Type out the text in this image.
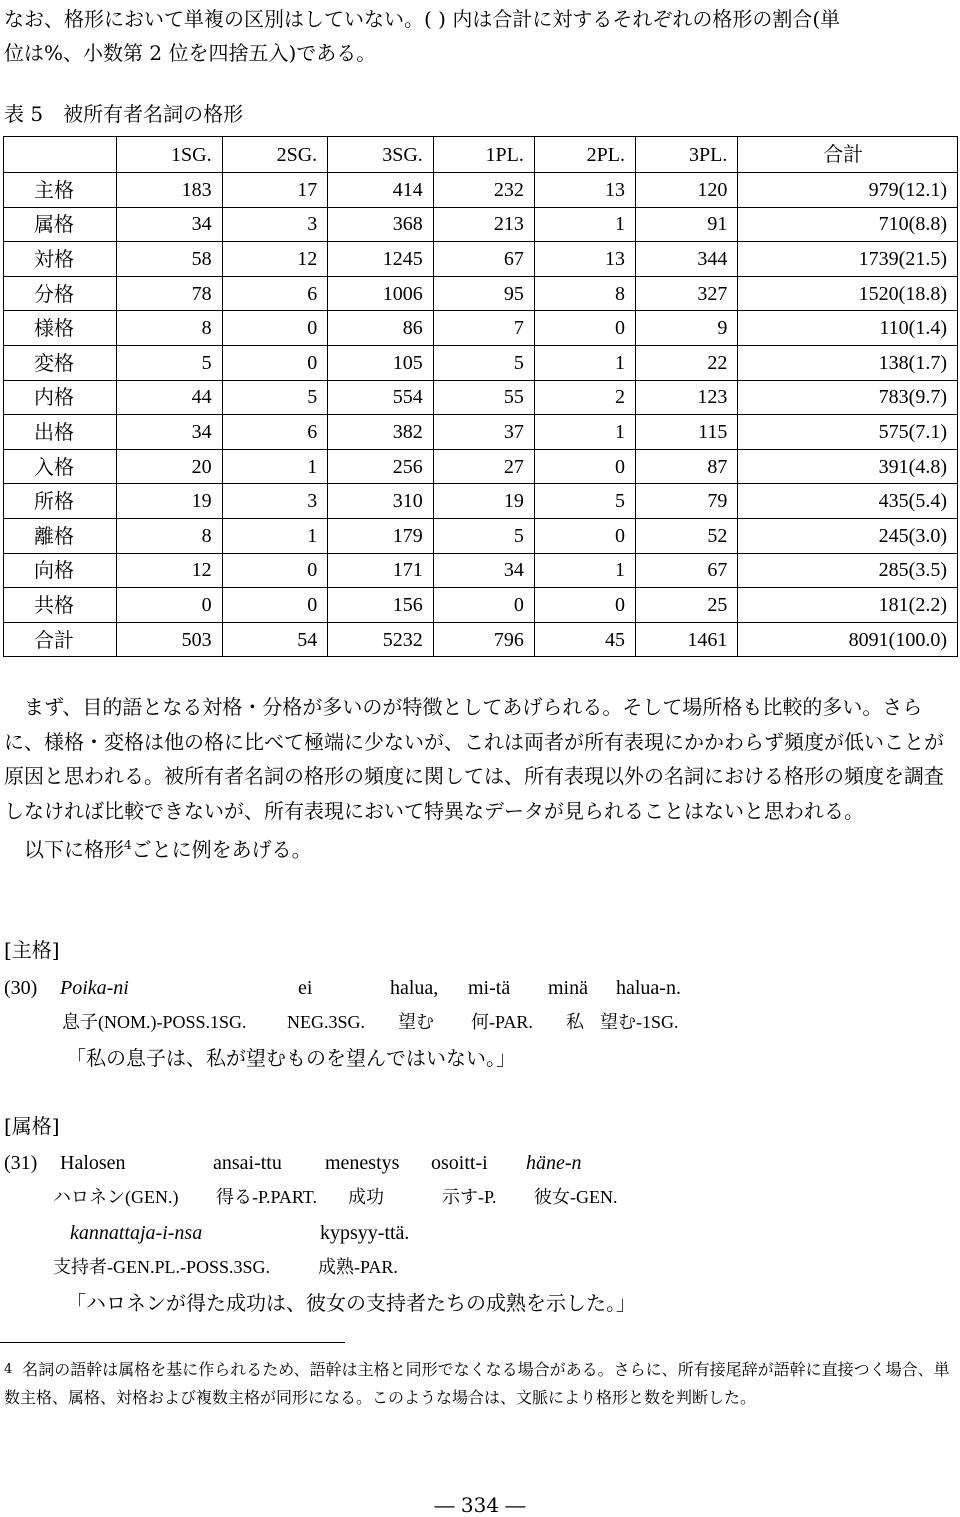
なお、格形において単複の区別はしていない。( ) 内は合計に対するそれぞれの格形の割合(単

位は%、小数第 2 位を四捨五入)である。

表 5　被所有者名詞の格形
	1SG.	2SG.	3SG.	1PL.	2PL.	3PL.	合計
主格	183	17	414	232	13	120	979(12.1)
属格	34	3	368	213	1	91	710(8.8)
対格	58	12	1245	67	13	344	1739(21.5)
分格	78	6	1006	95	8	327	1520(18.8)
様格	8	0	86	7	0	9	110(1.4)
変格	5	0	105	5	1	22	138(1.7)
内格	44	5	554	55	2	123	783(9.7)
出格	34	6	382	37	1	115	575(7.1)
入格	20	1	256	27	0	87	391(4.8)
所格	19	3	310	19	5	79	435(5.4)
離格	8	1	179	5	0	52	245(3.0)
向格	12	0	171	34	1	67	285(3.5)
共格	0	0	156	0	0	25	181(2.2)
合計	503	54	5232	796	45	1461	8091(100.0)

　まず、目的語となる対格・分格が多いのが特徴としてあげられる。そして場所格も比較的多い。さらに、様格・変格は他の格に比べて極端に少ないが、これは両者が所有表現にかかわらず頻度が低いことが原因と思われる。被所有者名詞の格形の頻度に関しては、所有表現以外の名詞における格形の頻度を調査しなければ比較できないが、所有表現において特異なデータが見られることはないと思われる。

　以下に格形$^4$ごとに例をあげる。

[主格]
(30) Poika-ni	ei	halua, mi-tä minä halua-n.
息子(NOM.)-POSS.1SG. NEG.3SG. 望む 何-PAR. 私 望む-1SG.
「私の息子は、私が望むものを望んではいない。」
[属格]
(31) Halosen	ansai-ttu menestys osoitt-i häne-n
ハロネン(GEN.) 得る-P.PART. 成功	示す-P. 彼女-GEN.
kannattaja-i-nsa	kypsyy-ttä.
支持者-GEN.PL.-POSS.3SG.	成熟-PAR.
「ハロネンが得た成功は、彼女の支持者たちの成熟を示した。」
$^4$ 名詞の語幹は属格を基に作られるため、語幹は主格と同形でなくなる場合がある。さらに、所有接尾辞が語幹に直接つく場合、単数主格、属格、対格および複数主格が同形になる。このような場合は、文脈により格形と数を判断した。
― 334 ―
